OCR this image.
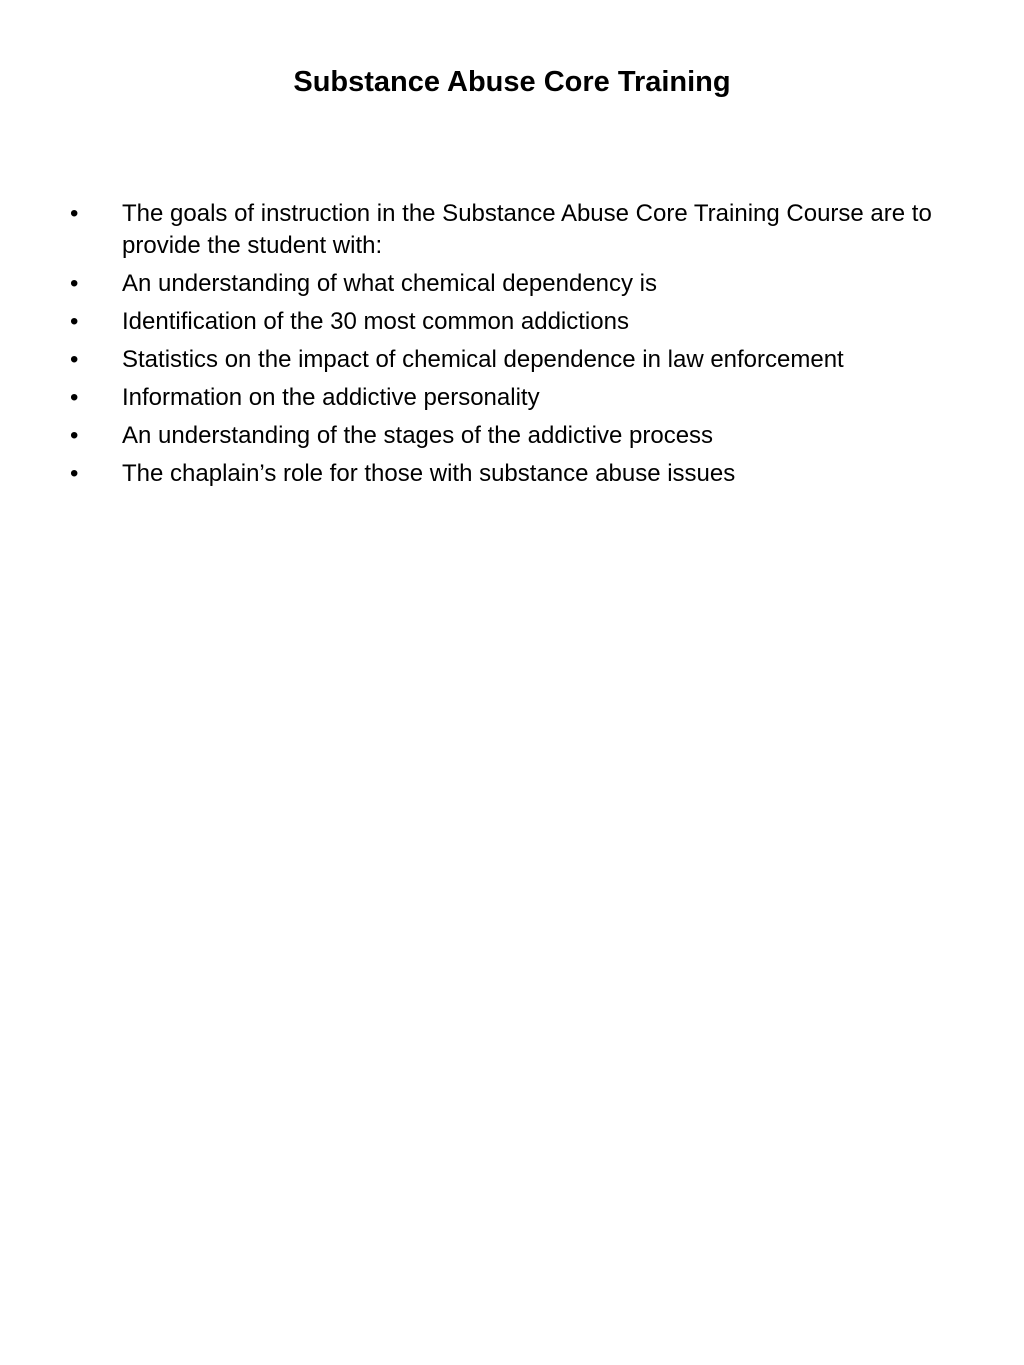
Substance Abuse Core Training
• The goals of instruction in the Substance Abuse Core Training Course are to provide the student with:
• An understanding of what chemical dependency is
• Identification of the 30 most common addictions
• Statistics on the impact of chemical dependence in law enforcement
• Information on the addictive personality
• An understanding of the stages of the addictive process
• The chaplain’s role for those with substance abuse issues
